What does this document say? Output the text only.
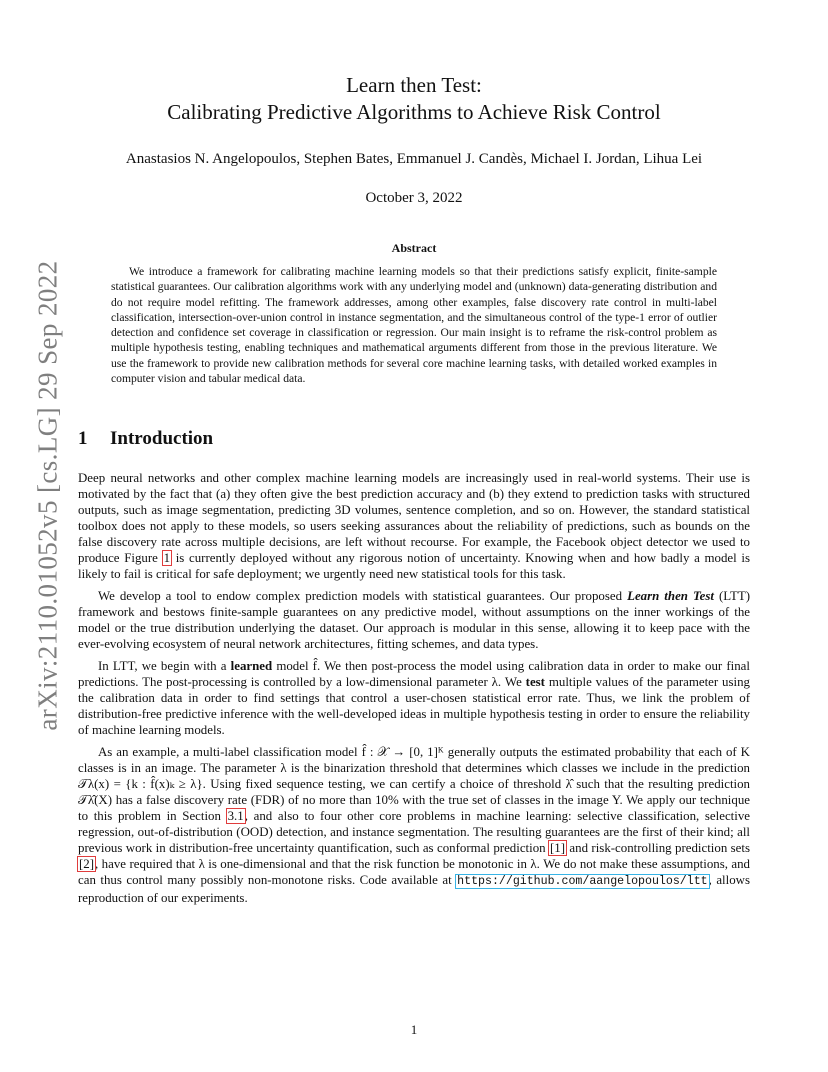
arXiv:2110.01052v5 [cs.LG] 29 Sep 2022
Learn then Test:
Calibrating Predictive Algorithms to Achieve Risk Control
Anastasios N. Angelopoulos, Stephen Bates, Emmanuel J. Candès, Michael I. Jordan, Lihua Lei
October 3, 2022
Abstract

We introduce a framework for calibrating machine learning models so that their predictions satisfy explicit, finite-sample statistical guarantees. Our calibration algorithms work with any underlying model and (unknown) data-generating distribution and do not require model refitting. The framework addresses, among other examples, false discovery rate control in multi-label classification, intersection-over-union control in instance segmentation, and the simultaneous control of the type-1 error of outlier detection and confidence set coverage in classification or regression. Our main insight is to reframe the risk-control problem as multiple hypothesis testing, enabling techniques and mathematical arguments different from those in the previous literature. We use the framework to provide new calibration methods for several core machine learning tasks, with detailed worked examples in computer vision and tabular medical data.

1 Introduction

Deep neural networks and other complex machine learning models are increasingly used in real-world systems. Their use is motivated by the fact that (a) they often give the best prediction accuracy and (b) they extend to prediction tasks with structured outputs, such as image segmentation, predicting 3D volumes, sentence completion, and so on. However, the standard statistical toolbox does not apply to these models, so users seeking assurances about the reliability of predictions, such as bounds on the false discovery rate across multiple decisions, are left without recourse. For example, the Facebook object detector we used to produce Figure 1 is currently deployed without any rigorous notion of uncertainty. Knowing when and how badly a model is likely to fail is critical for safe deployment; we urgently need new statistical tools for this task.

We develop a tool to endow complex prediction models with statistical guarantees. Our proposed Learn then Test (LTT) framework and bestows finite-sample guarantees on any predictive model, without assumptions on the inner workings of the model or the true distribution underlying the dataset. Our approach is modular in this sense, allowing it to keep pace with the ever-evolving ecosystem of neural network architectures, fitting schemes, and data types.

In LTT, we begin with a learned model f̂. We then post-process the model using calibration data in order to make our final predictions. The post-processing is controlled by a low-dimensional parameter λ. We test multiple values of the parameter using the calibration data in order to find settings that control a user-chosen statistical error rate. Thus, we link the problem of distribution-free predictive inference with the well-developed ideas in multiple hypothesis testing in order to ensure the reliability of machine learning models.

As an example, a multi-label classification model f̂ : 𝒳 → [0, 1]ᴷ generally outputs the estimated probability that each of K classes is in an image. The parameter λ is the binarization threshold that determines which classes we include in the prediction 𝒯λ(x) = {k : f̂(x)ₖ ≥ λ}. Using fixed sequence testing, we can certify a choice of threshold λ̂ such that the resulting prediction 𝒯λ̂(X) has a false discovery rate (FDR) of no more than 10% with the true set of classes in the image Y. We apply our technique to this problem in Section 3.1, and also to four other core problems in machine learning: selective classification, selective regression, out-of-distribution (OOD) detection, and instance segmentation. The resulting guarantees are the first of their kind; all previous work in distribution-free uncertainty quantification, such as conformal prediction [1] and risk-controlling prediction sets [2], have required that λ is one-dimensional and that the risk function be monotonic in λ. We do not make these assumptions, and can thus control many possibly non-monotone risks. Code available at https://github.com/aangelopoulos/ltt, allows reproduction of our experiments.

1
